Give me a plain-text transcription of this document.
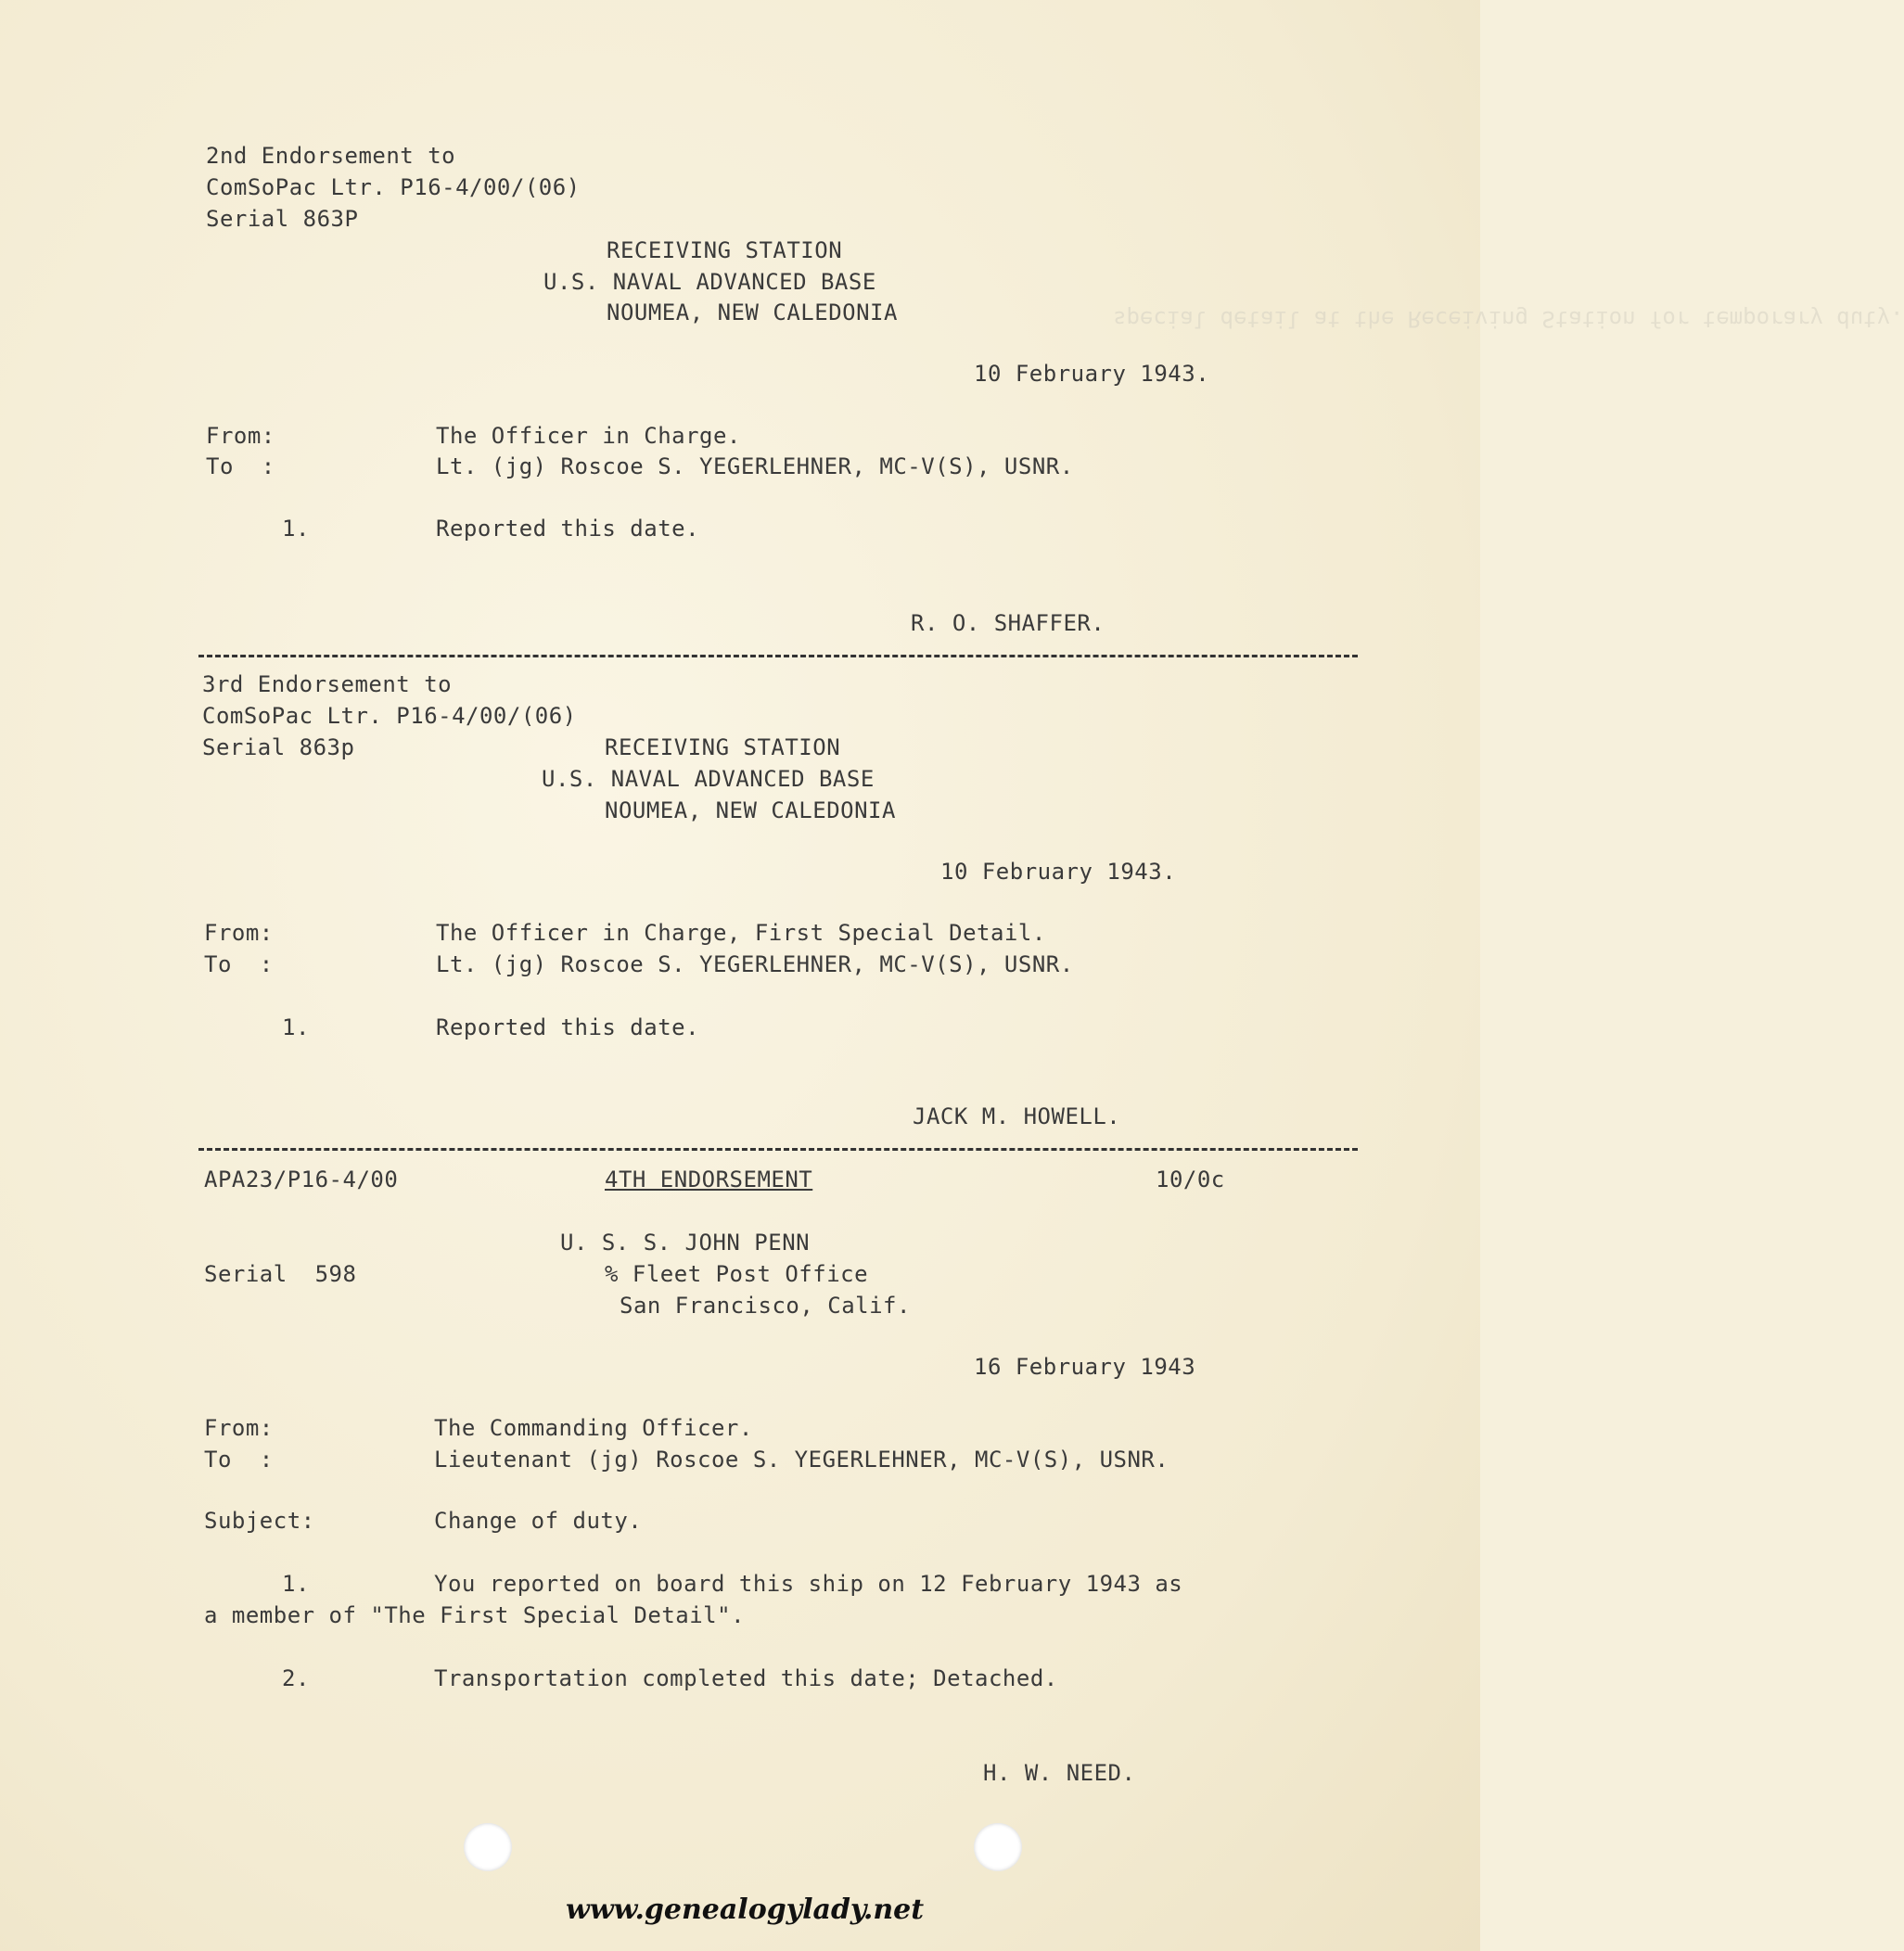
special detail at the Receiving Station for temporary duty.
2nd Endorsement to
ComSoPac Ltr. P16-4/00/(06)
Serial 863P
RECEIVING STATION
U.S. NAVAL ADVANCED BASE
NOUMEA, NEW CALEDONIA
10 February 1943.
From:	The Officer in Charge.
To  :	Lt. (jg) Roscoe S. YEGERLEHNER, MC-V(S), USNR.
1.	Reported this date.
R. O. SHAFFER.
3rd Endorsement to
ComSoPac Ltr. P16-4/00/(06)
Serial 863p	RECEIVING STATION
U.S. NAVAL ADVANCED BASE
NOUMEA, NEW CALEDONIA
10 February 1943.
From:	The Officer in Charge, First Special Detail.
To  :	Lt. (jg) Roscoe S. YEGERLEHNER, MC-V(S), USNR.
1.	Reported this date.
JACK M. HOWELL.
APA23/P16-4/00	4TH ENDORSEMENT	10/0c
U. S. S. JOHN PENN
Serial  598	% Fleet Post Office
San Francisco, Calif.
16 February 1943
From:	The Commanding Officer.
To  :	Lieutenant (jg) Roscoe S. YEGERLEHNER, MC-V(S), USNR.
Subject:	Change of duty.
1.	You reported on board this ship on 12 February 1943 as
a member of "The First Special Detail".
2.	Transportation completed this date; Detached.
H. W. NEED.
www.genealogylady.net
